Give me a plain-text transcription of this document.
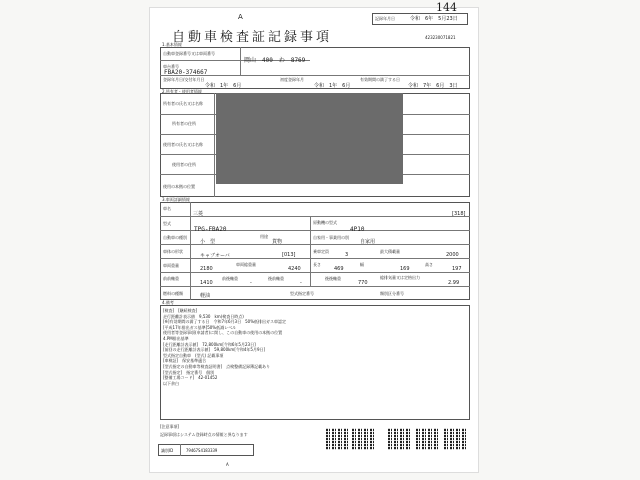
A
144
自動車検査証記録事項
記録年月日	令和　6年　5月23日
423230071821
1.基本情報
自動車登録番号又は車両番号
岡山　400　わ　8769
車台番号
FBA20-374667
登録年月日/交付年月日
令和　1年　6月
初度登録年月
令和　1年　6月
有効期間の満了する日
令和　7年　6月　3日
2.所有者・使用者情報
所有者の氏名又は名称
所有者の住所
使用者の氏名又は名称
使用者の住所
使用の本拠の位置
3.車両詳細情報
車名
三菱	[318]
型式
TPG-FBA20
原動機の型式
4P10
自動車の種別
小　型
用途
貨物
自家用・事業用の別
自家用
車体の形状
キャブオーバ	[013]
乗車定員
3
最大積載量
2000
車両重量
2180
車両総重量
4240
長さ
469
幅
169
高さ
197
前前軸重
1410
前後軸重
-
後前軸重
-
後後軸重
770
総排気量又は定格出力
2.99
燃料の種類	軽油	型式指定番号	類別区分番号
4.備考
[検査]　[継続検査]
走行距離計表示値　9,530　km(検査日時点)
[※]有効期間の満了する日　令和7年6月3日　50%低排出ガス車認定
[平成17年排出ガス基準]50%低減レベル
使用者等登録事項(申請者)に関し、この自動車の使用の本拠の位置
4.PM排出基準　
[走行距離計表示値]　72,800km[令和6年5月23日]
[前回の走行距離計表示値]　59,800km[令和4年5月9日]
型式指定自動車　(型式) 記載事項
[車検証]　保安基準適合
[型式指定の自動車等検査証明書]　点検整備記録簿記載あり
[型式指定]　指定番号　個別
[整備工場コード]　42-01452
以下余白
[注意事項]
記録事項はシステム登録時点の情報と異なります
識別ID	79467S4183339
A
